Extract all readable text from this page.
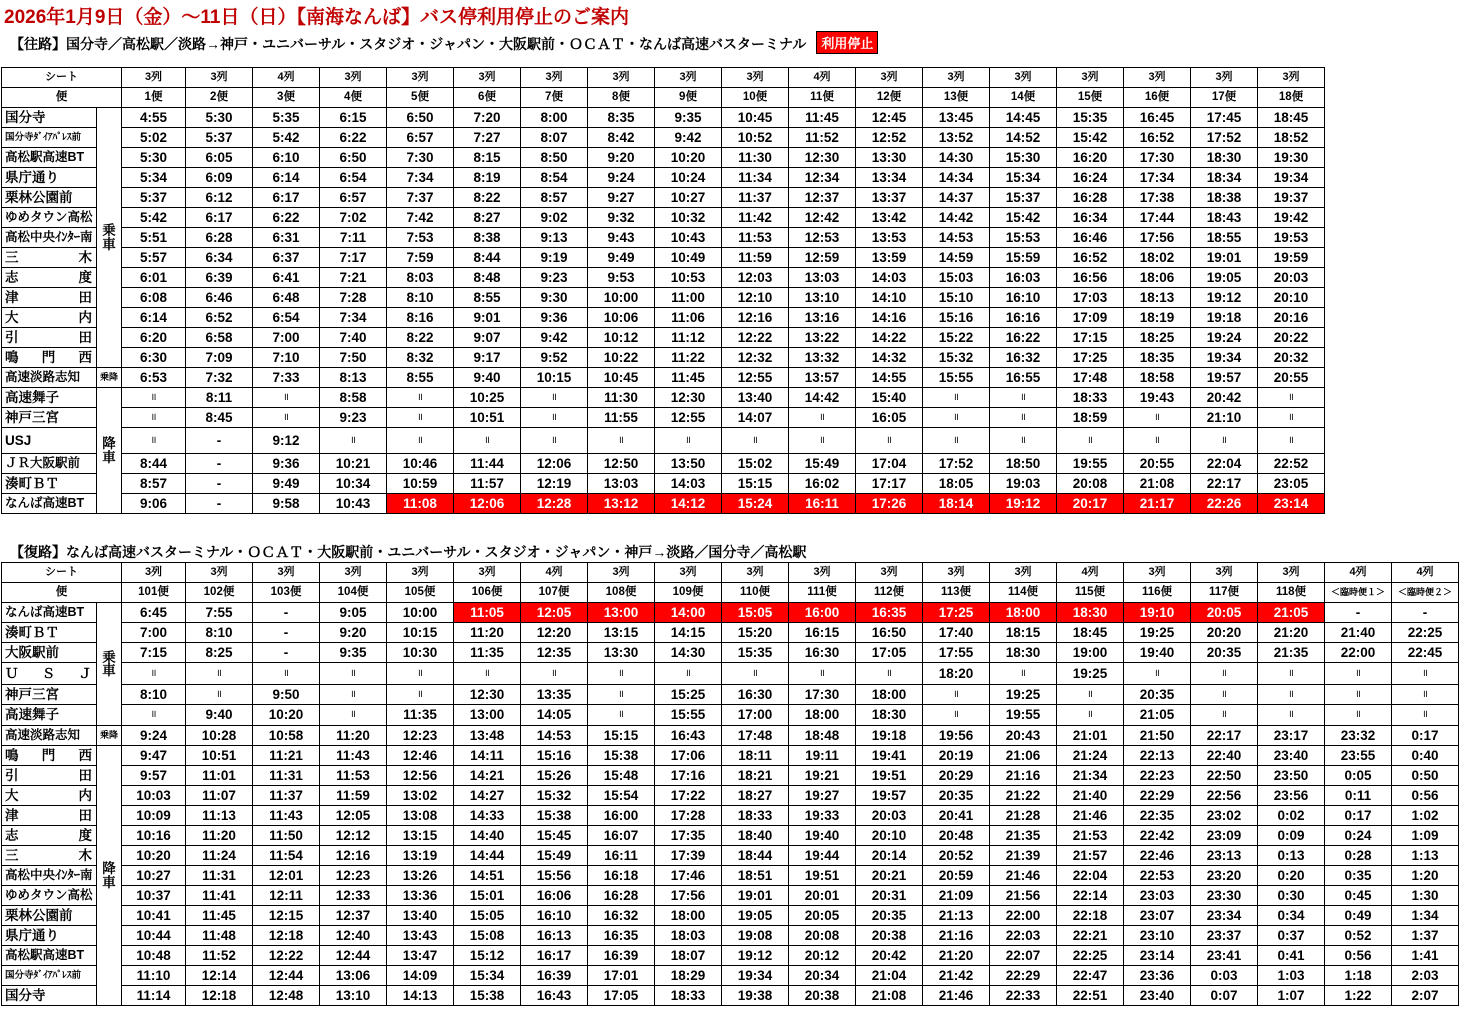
2026年1月9日（金）〜11日（日）【南海なんば】バス停利用停止のご案内
【往路】国分寺／高松駅／淡路→神戸・ユニバーサル・スタジオ・ジャパン・大阪駅前・ＯＣＡＴ・なんば高速バスターミナル 利用停止
シート		3列	3列	4列	3列	3列	3列	3列	3列	3列	3列	4列	3列	3列	3列	3列	3列	3列	3列
便		1便	2便	3便	4便	5便	6便	7便	8便	9便	10便	11便	12便	13便	14便	15便	16便	17便	18便
国分寺	乗車	4:55	5:30	5:35	6:15	6:50	7:20	8:00	8:35	9:35	10:45	11:45	12:45	13:45	14:45	15:35	16:45	17:45	18:45
国分寺ﾀﾞｲｱﾊﾟﾚｽ前		5:02	5:37	5:42	6:22	6:57	7:27	8:07	8:42	9:42	10:52	11:52	12:52	13:52	14:52	15:42	16:52	17:52	18:52
高松駅高速BT		5:30	6:05	6:10	6:50	7:30	8:15	8:50	9:20	10:20	11:30	12:30	13:30	14:30	15:30	16:20	17:30	18:30	19:30
県庁通り		5:34	6:09	6:14	6:54	7:34	8:19	8:54	9:24	10:24	11:34	12:34	13:34	14:34	15:34	16:24	17:34	18:34	19:34
栗林公園前		5:37	6:12	6:17	6:57	7:37	8:22	8:57	9:27	10:27	11:37	12:37	13:37	14:37	15:37	16:28	17:38	18:38	19:37
ゆめタウン高松		5:42	6:17	6:22	7:02	7:42	8:27	9:02	9:32	10:32	11:42	12:42	13:42	14:42	15:42	16:34	17:44	18:43	19:42
高松中央ｲﾝﾀｰ南		5:51	6:28	6:31	7:11	7:53	8:38	9:13	9:43	10:43	11:53	12:53	13:53	14:53	15:53	16:46	17:56	18:55	19:53
三木		5:57	6:34	6:37	7:17	7:59	8:44	9:19	9:49	10:49	11:59	12:59	13:59	14:59	15:59	16:52	18:02	19:01	19:59
志度		6:01	6:39	6:41	7:21	8:03	8:48	9:23	9:53	10:53	12:03	13:03	14:03	15:03	16:03	16:56	18:06	19:05	20:03
津田		6:08	6:46	6:48	7:28	8:10	8:55	9:30	10:00	11:00	12:10	13:10	14:10	15:10	16:10	17:03	18:13	19:12	20:10
大内		6:14	6:52	6:54	7:34	8:16	9:01	9:36	10:06	11:06	12:16	13:16	14:16	15:16	16:16	17:09	18:19	19:18	20:16
引田		6:20	6:58	7:00	7:40	8:22	9:07	9:42	10:12	11:12	12:22	13:22	14:22	15:22	16:22	17:15	18:25	19:24	20:22
鳴門西		6:30	7:09	7:10	7:50	8:32	9:17	9:52	10:22	11:22	12:32	13:32	14:32	15:32	16:32	17:25	18:35	19:34	20:32
高速淡路志知	乗降	6:53	7:32	7:33	8:13	8:55	9:40	10:15	10:45	11:45	12:55	13:57	14:55	15:55	16:55	17:48	18:58	19:57	20:55
高速舞子	降車	॥	8:11	॥	8:58	॥	10:25	॥	11:30	12:30	13:40	14:42	15:40	॥	॥	18:33	19:43	20:42	॥
神戸三宮		॥	8:45	॥	9:23	॥	10:51	॥	11:55	12:55	14:07	॥	16:05	॥	॥	18:59	॥	21:10	॥
USJ		॥	-	9:12	॥	॥	॥	॥	॥	॥	॥	॥	॥	॥	॥	॥	॥	॥	॥
ＪＲ大阪駅前		8:44	-	9:36	10:21	10:46	11:44	12:06	12:50	13:50	15:02	15:49	17:04	17:52	18:50	19:55	20:55	22:04	22:52
湊町ＢＴ		8:57	-	9:49	10:34	10:59	11:57	12:19	13:03	14:03	15:15	16:02	17:17	18:05	19:03	20:08	21:08	22:17	23:05
なんば高速BT		9:06	-	9:58	10:43	11:08	12:06	12:28	13:12	14:12	15:24	16:11	17:26	18:14	19:12	20:17	21:17	22:26	23:14
【復路】なんば高速バスターミナル・ＯＣＡＴ・大阪駅前・ユニバーサル・スタジオ・ジャパン・神戸→淡路／国分寺／高松駅
シート		3列	3列	3列	3列	3列	3列	4列	3列	3列	3列	3列	3列	3列	3列	4列	3列	3列	3列	4列	4列
便		101便	102便	103便	104便	105便	106便	107便	108便	109便	110便	111便	112便	113便	114便	115便	116便	117便	118便	＜臨時便１＞	＜臨時便２＞
なんば高速BT	乗車	6:45	7:55	-	9:05	10:00	11:05	12:05	13:00	14:00	15:05	16:00	16:35	17:25	18:00	18:30	19:10	20:05	21:05	-	-
湊町ＢＴ		7:00	8:10	-	9:20	10:15	11:20	12:20	13:15	14:15	15:20	16:15	16:50	17:40	18:15	18:45	19:25	20:20	21:20	21:40	22:25
大阪駅前		7:15	8:25	-	9:35	10:30	11:35	12:35	13:30	14:30	15:35	16:30	17:05	17:55	18:30	19:00	19:40	20:35	21:35	22:00	22:45
ＵＳＪ		॥	॥	॥	॥	॥	॥	॥	॥	॥	॥	॥	॥	18:20	॥	19:25	॥	॥	॥	॥	॥
神戸三宮		8:10	॥	9:50	॥	॥	12:30	13:35	॥	15:25	16:30	17:30	18:00	॥	19:25	॥	20:35	॥	॥	॥	॥
高速舞子		॥	9:40	10:20	॥	11:35	13:00	14:05	॥	15:55	17:00	18:00	18:30	॥	19:55	॥	21:05	॥	॥	॥	॥
高速淡路志知	乗降	9:24	10:28	10:58	11:20	12:23	13:48	14:53	15:15	16:43	17:48	18:48	19:18	19:56	20:43	21:01	21:50	22:17	23:17	23:32	0:17
鳴門西	降車	9:47	10:51	11:21	11:43	12:46	14:11	15:16	15:38	17:06	18:11	19:11	19:41	20:19	21:06	21:24	22:13	22:40	23:40	23:55	0:40
引田		9:57	11:01	11:31	11:53	12:56	14:21	15:26	15:48	17:16	18:21	19:21	19:51	20:29	21:16	21:34	22:23	22:50	23:50	0:05	0:50
大内		10:03	11:07	11:37	11:59	13:02	14:27	15:32	15:54	17:22	18:27	19:27	19:57	20:35	21:22	21:40	22:29	22:56	23:56	0:11	0:56
津田		10:09	11:13	11:43	12:05	13:08	14:33	15:38	16:00	17:28	18:33	19:33	20:03	20:41	21:28	21:46	22:35	23:02	0:02	0:17	1:02
志度		10:16	11:20	11:50	12:12	13:15	14:40	15:45	16:07	17:35	18:40	19:40	20:10	20:48	21:35	21:53	22:42	23:09	0:09	0:24	1:09
三木		10:20	11:24	11:54	12:16	13:19	14:44	15:49	16:11	17:39	18:44	19:44	20:14	20:52	21:39	21:57	22:46	23:13	0:13	0:28	1:13
高松中央ｲﾝﾀｰ南		10:27	11:31	12:01	12:23	13:26	14:51	15:56	16:18	17:46	18:51	19:51	20:21	20:59	21:46	22:04	22:53	23:20	0:20	0:35	1:20
ゆめタウン高松		10:37	11:41	12:11	12:33	13:36	15:01	16:06	16:28	17:56	19:01	20:01	20:31	21:09	21:56	22:14	23:03	23:30	0:30	0:45	1:30
栗林公園前		10:41	11:45	12:15	12:37	13:40	15:05	16:10	16:32	18:00	19:05	20:05	20:35	21:13	22:00	22:18	23:07	23:34	0:34	0:49	1:34
県庁通り		10:44	11:48	12:18	12:40	13:43	15:08	16:13	16:35	18:03	19:08	20:08	20:38	21:16	22:03	22:21	23:10	23:37	0:37	0:52	1:37
高松駅高速BT		10:48	11:52	12:22	12:44	13:47	15:12	16:17	16:39	18:07	19:12	20:12	20:42	21:20	22:07	22:25	23:14	23:41	0:41	0:56	1:41
国分寺ﾀﾞｲｱﾊﾟﾚｽ前		11:10	12:14	12:44	13:06	14:09	15:34	16:39	17:01	18:29	19:34	20:34	21:04	21:42	22:29	22:47	23:36	0:03	1:03	1:18	2:03
国分寺		11:14	12:18	12:48	13:10	14:13	15:38	16:43	17:05	18:33	19:38	20:38	21:08	21:46	22:33	22:51	23:40	0:07	1:07	1:22	2:07
